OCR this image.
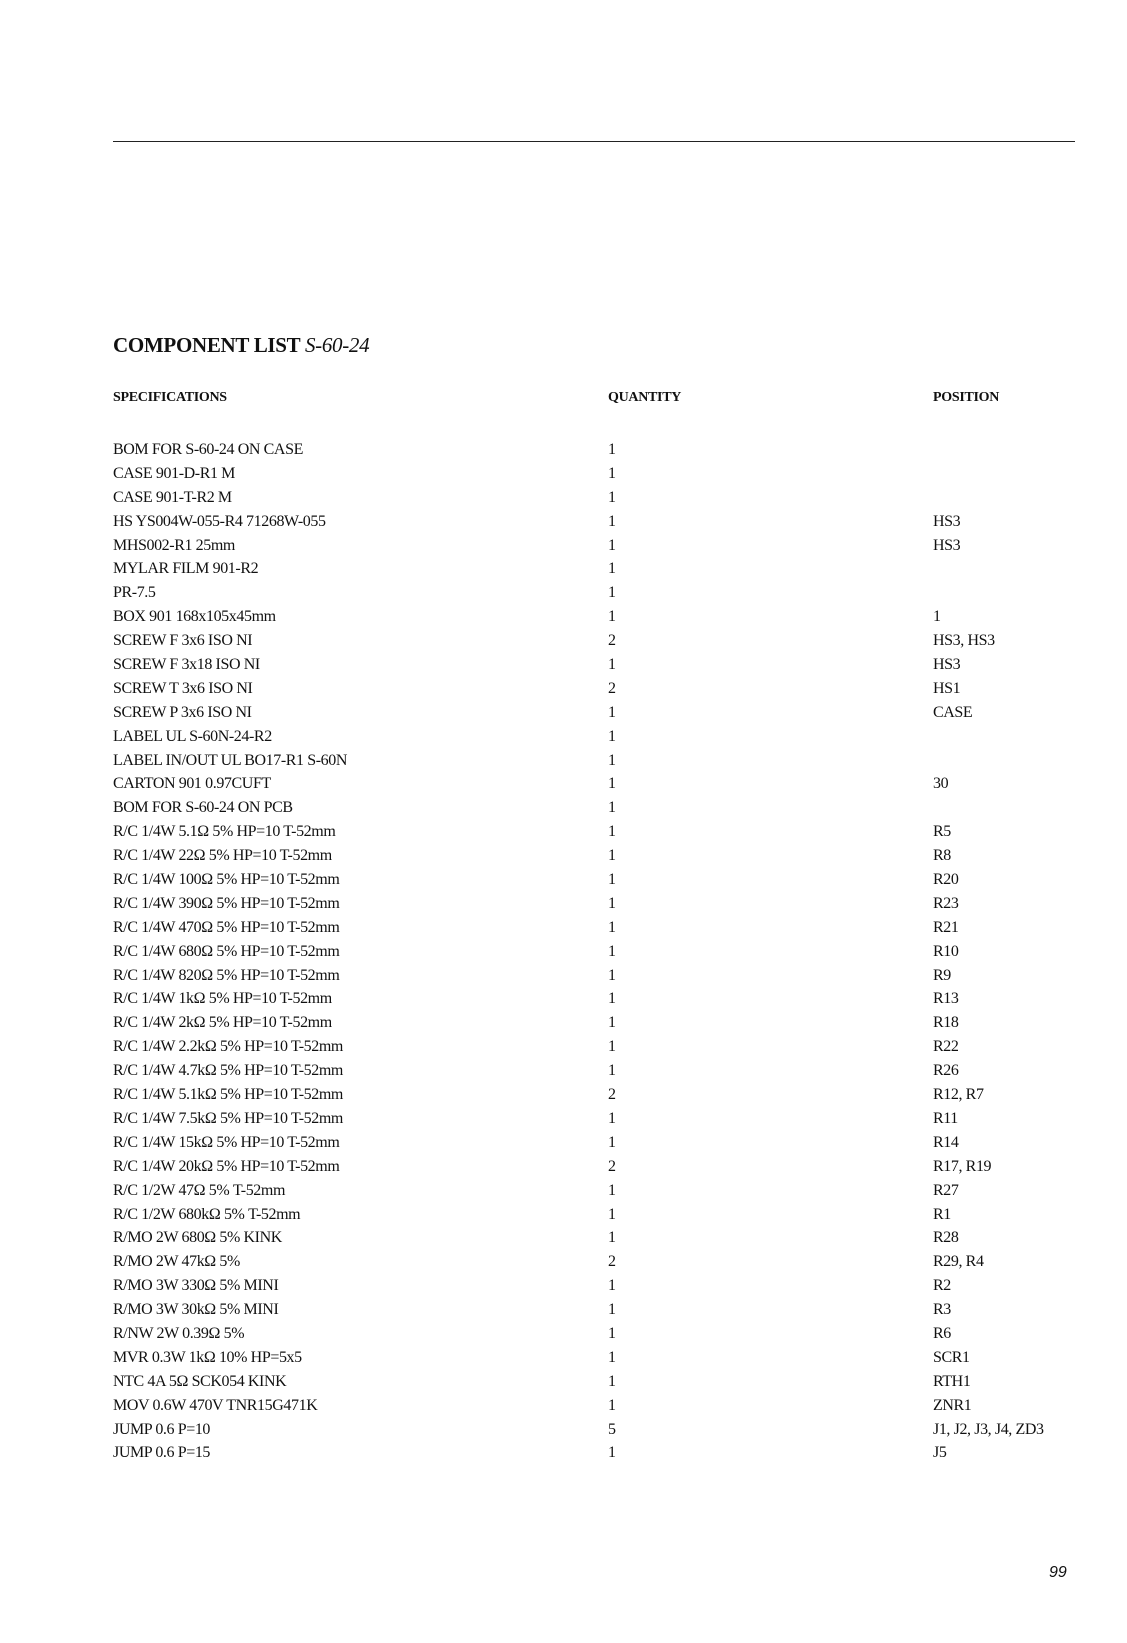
COMPONENT LIST S-60-24
SPECIFICATIONS	QUANTITY	POSITION
BOM FOR S-60-24 ON CASE	1
CASE 901-D-R1 M	1
CASE 901-T-R2 M	1
HS YS004W-055-R4 71268W-055	1	HS3
MHS002-R1 25mm	1	HS3
MYLAR FILM 901-R2	1
PR-7.5	1
BOX 901 168x105x45mm	1	1
SCREW F 3x6 ISO NI	2	HS3, HS3
SCREW F 3x18 ISO NI	1	HS3
SCREW T 3x6 ISO NI	2	HS1
SCREW P 3x6 ISO NI	1	CASE
LABEL UL S-60N-24-R2	1
LABEL IN/OUT UL BO17-R1 S-60N	1
CARTON 901 0.97CUFT	1	30
BOM FOR S-60-24 ON PCB	1
R/C 1/4W 5.1Ω 5% HP=10 T-52mm	1	R5
R/C 1/4W 22Ω 5% HP=10 T-52mm	1	R8
R/C 1/4W 100Ω 5% HP=10 T-52mm	1	R20
R/C 1/4W 390Ω 5% HP=10 T-52mm	1	R23
R/C 1/4W 470Ω 5% HP=10 T-52mm	1	R21
R/C 1/4W 680Ω 5% HP=10 T-52mm	1	R10
R/C 1/4W 820Ω 5% HP=10 T-52mm	1	R9
R/C 1/4W 1kΩ 5% HP=10 T-52mm	1	R13
R/C 1/4W 2kΩ 5% HP=10 T-52mm	1	R18
R/C 1/4W 2.2kΩ 5% HP=10 T-52mm	1	R22
R/C 1/4W 4.7kΩ 5% HP=10 T-52mm	1	R26
R/C 1/4W 5.1kΩ 5% HP=10 T-52mm	2	R12, R7
R/C 1/4W 7.5kΩ 5% HP=10 T-52mm	1	R11
R/C 1/4W 15kΩ 5% HP=10 T-52mm	1	R14
R/C 1/4W 20kΩ 5% HP=10 T-52mm	2	R17, R19
R/C 1/2W 47Ω 5% T-52mm	1	R27
R/C 1/2W 680kΩ 5% T-52mm	1	R1
R/MO 2W 680Ω 5% KINK	1	R28
R/MO 2W 47kΩ 5%	2	R29, R4
R/MO 3W 330Ω 5% MINI	1	R2
R/MO 3W 30kΩ 5% MINI	1	R3
R/NW 2W 0.39Ω 5%	1	R6
MVR 0.3W 1kΩ 10% HP=5x5	1	SCR1
NTC 4A 5Ω SCK054 KINK	1	RTH1
MOV 0.6W 470V TNR15G471K	1	ZNR1
JUMP 0.6 P=10	5	J1, J2, J3, J4, ZD3
JUMP 0.6 P=15	1	J5
99
